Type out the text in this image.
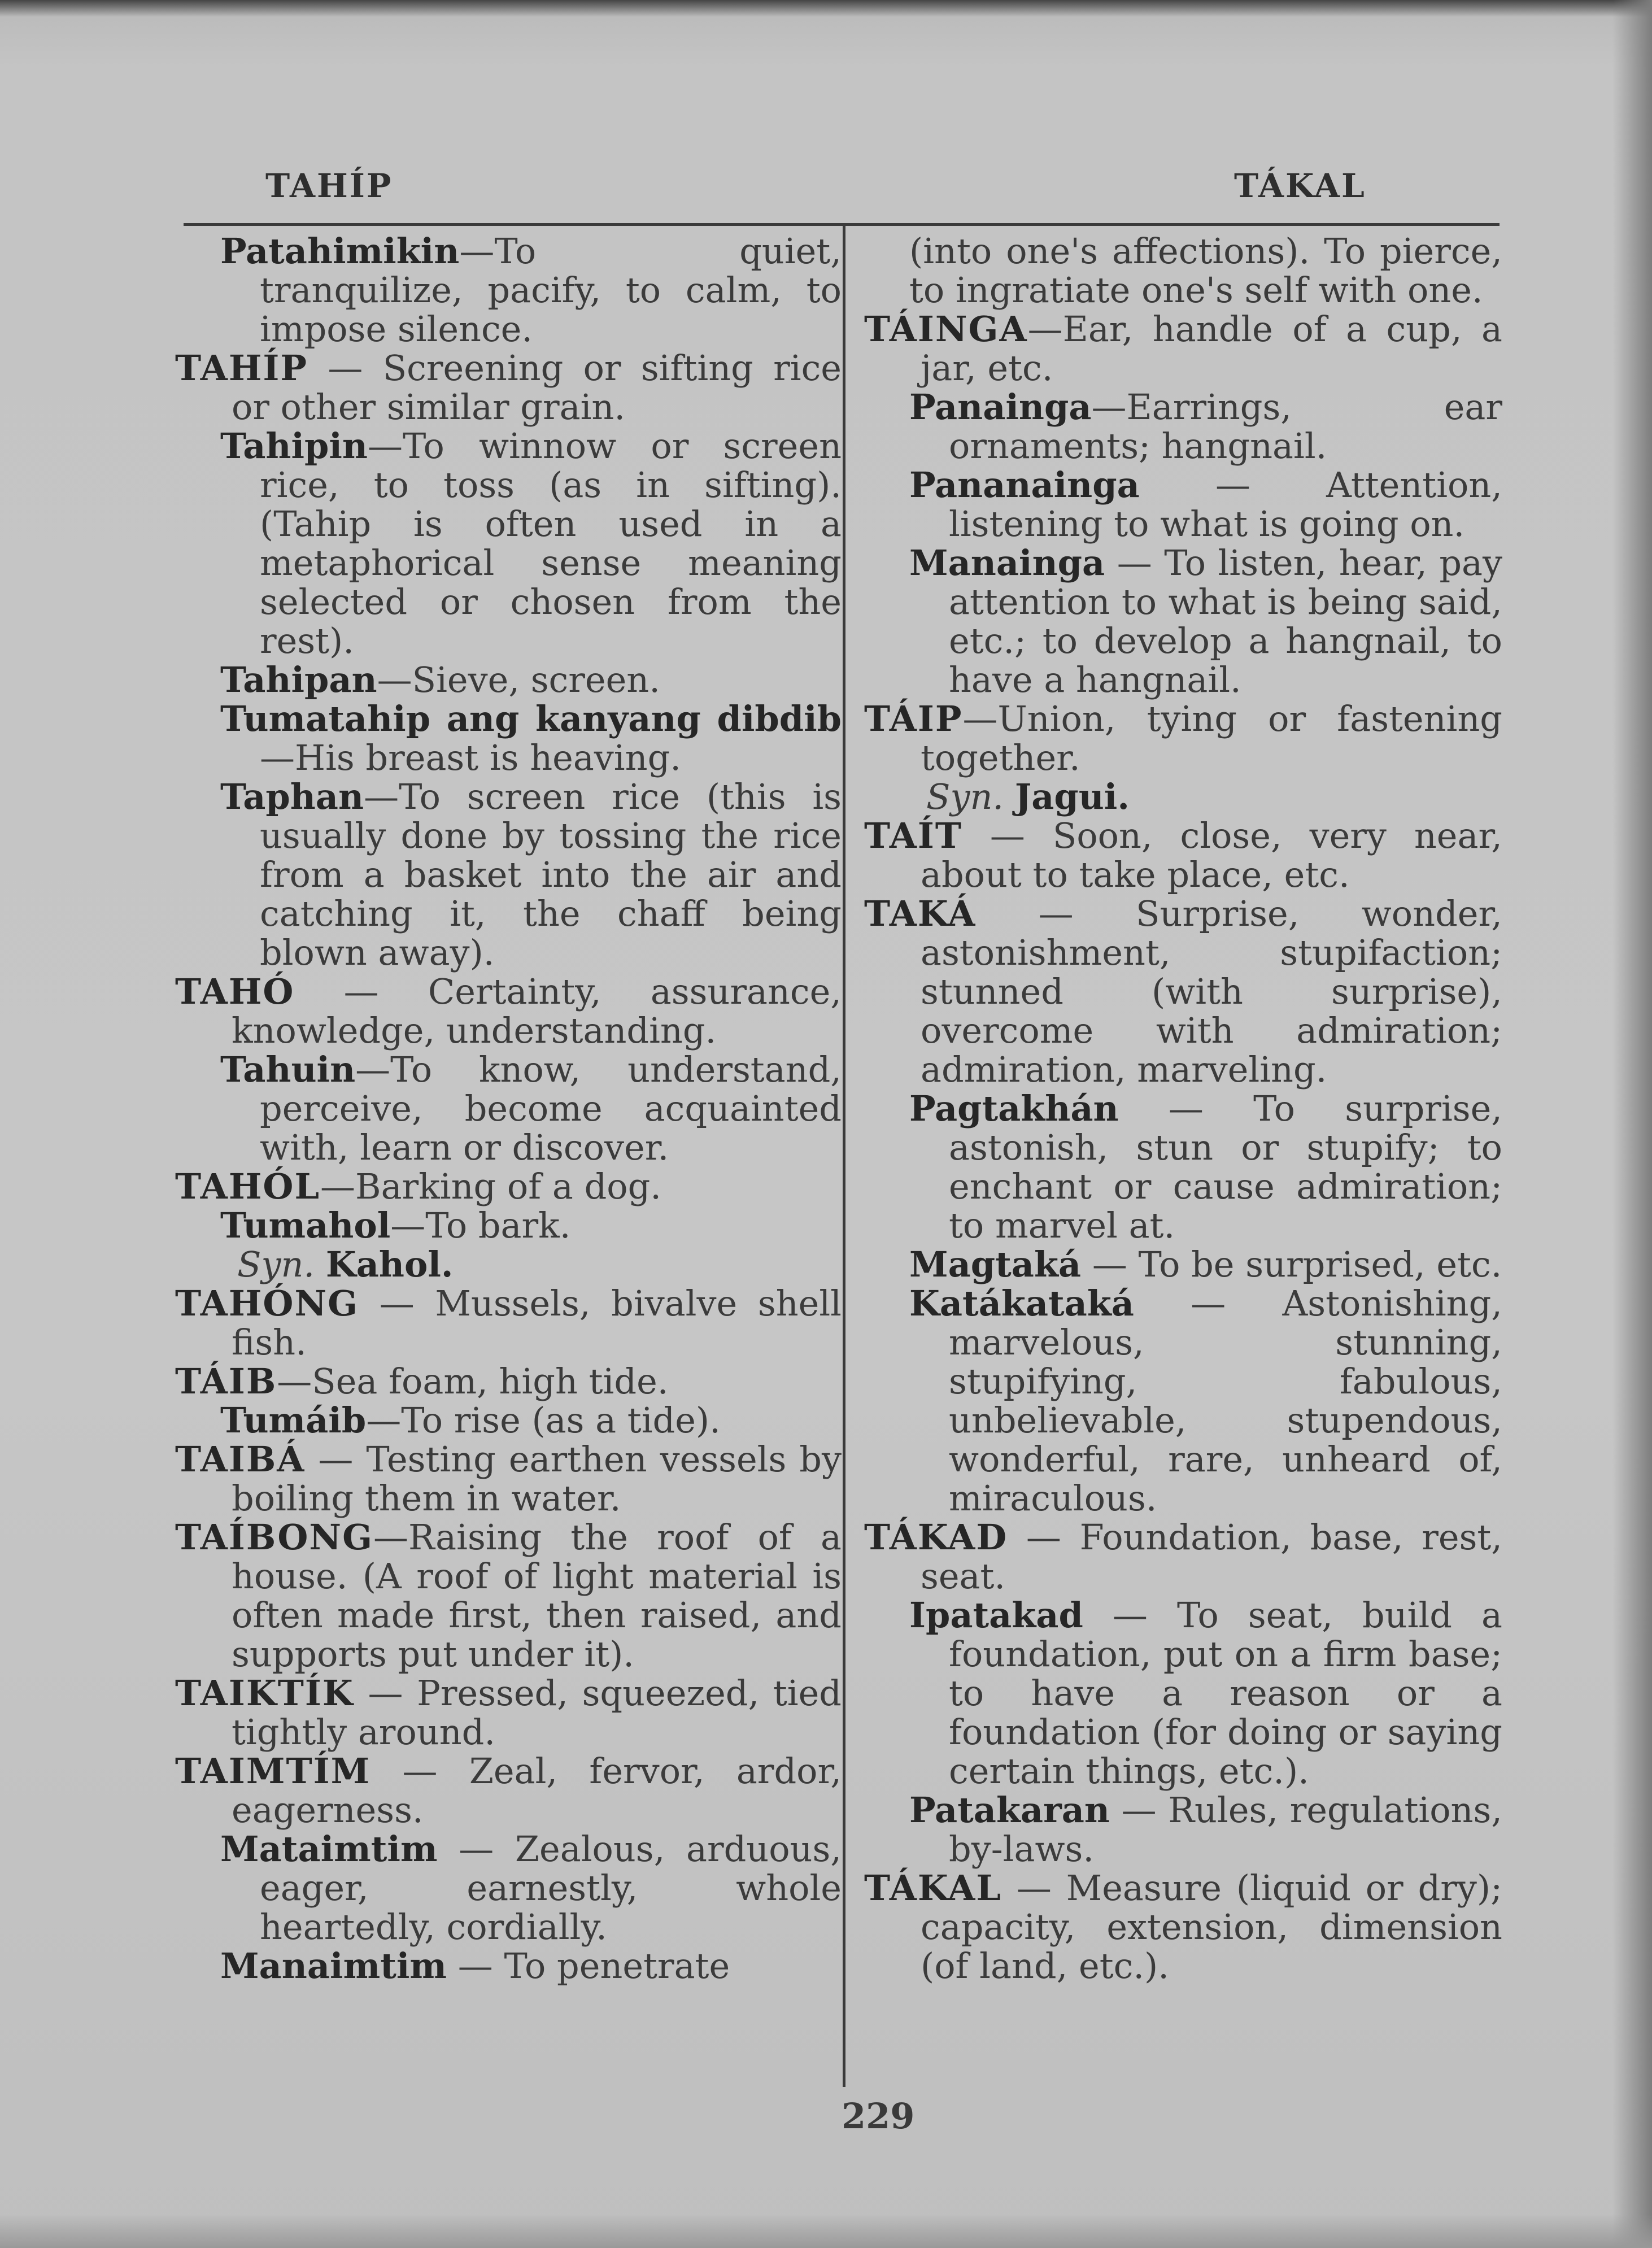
TAHÍP	TÁKAL

Patahimikin—To quiet, tranquilize, pacify, to calm, to impose silence.

TAHÍP — Screening or sifting rice or other similar grain.

Tahipin—To winnow or screen rice, to toss (as in sifting). (Tahip is often used in a metaphorical sense meaning selected or chosen from the rest).

Tahipan—Sieve, screen.

Tumatahip ang kanyang dibdib—His breast is heaving.

Taphan—To screen rice (this is usually done by tossing the rice from a basket into the air and catching it, the chaff being blown away).

TAHÓ — Certainty, assurance, knowledge, understanding.

Tahuin—To know, understand, perceive, become acquainted with, learn or discover.

TAHÓL—Barking of a dog.

Tumahol—To bark.

Syn. Kahol.

TAHÓNG — Mussels, bivalve shell fish.

TÁIB—Sea foam, high tide.

Tumáib—To rise (as a tide).

TAIBÁ — Testing earthen vessels by boiling them in water.

TAÍBONG—Raising the roof of a house. (A roof of light material is often made first, then raised, and supports put under it).

TAIKTÍK — Pressed, squeezed, tied tightly around.

TAIMTÍM — Zeal, fervor, ardor, eagerness.

Mataimtim — Zealous, arduous, eager, earnestly, whole heartedly, cordially.

Manaimtim — To penetrate

(into one's affections). To pierce, to ingratiate one's self with one.

TÁINGA—Ear, handle of a cup, a jar, etc.

Panainga—Earrings, ear ornaments; hangnail.

Pananainga — Attention, listening to what is going on.

Manainga — To listen, hear, pay attention to what is being said, etc.; to develop a hangnail, to have a hangnail.

TÁIP—Union, tying or fastening together.

Syn. Jagui.

TAÍT — Soon, close, very near, about to take place, etc.

TAKÁ — Surprise, wonder, astonishment, stupifaction; stunned (with surprise), overcome with admiration; admiration, marveling.

Pagtakhán — To surprise, astonish, stun or stupify; to enchant or cause admiration; to marvel at.

Magtaká — To be surprised, etc.

Katákataká — Astonishing, marvelous, stunning, stupifying, fabulous, unbelievable, stupendous, wonderful, rare, unheard of, miraculous.

TÁKAD — Foundation, base, rest, seat.

Ipatakad — To seat, build a foundation, put on a firm base; to have a reason or a foundation (for doing or saying certain things, etc.).

Patakaran — Rules, regulations, by-laws.

TÁKAL — Measure (liquid or dry); capacity, extension, dimension (of land, etc.).

229
